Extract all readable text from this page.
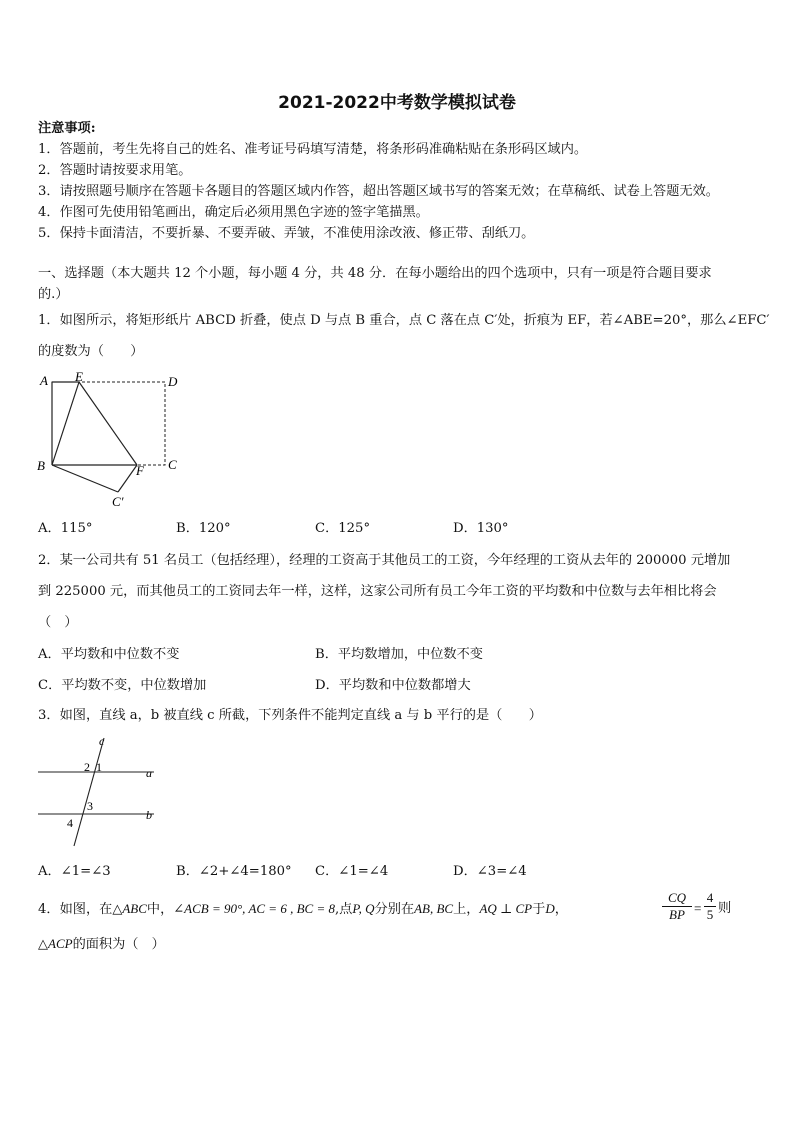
2021-2022中考数学模拟试卷
注意事项:
1．答题前，考生先将自己的姓名、准考证号码填写清楚，将条形码准确粘贴在条形码区域内。
2．答题时请按要求用笔。
3．请按照题号顺序在答题卡各题目的答题区域内作答，超出答题区域书写的答案无效；在草稿纸、试卷上答题无效。
4．作图可先使用铅笔画出，确定后必须用黑色字迹的签字笔描黑。
5．保持卡面清洁，不要折暴、不要弄破、弄皱，不准使用涂改液、修正带、刮纸刀。
一、选择题（本大题共 12 个小题，每小题 4 分，共 48 分．在每小题给出的四个选项中，只有一项是符合题目要求
的.）
1．如图所示，将矩形纸片 ABCD 折叠，使点 D 与点 B 重合，点 C 落在点 C′处，折痕为 EF，若∠ABE=20°，那么∠EFC′
的度数为（　　）
A E	D
B	F C
C′
A．115°	B．120°	C．125°	D．130°
2．某一公司共有 51 名员工（包括经理），经理的工资高于其他员工的工资，今年经理的工资从去年的 200000 元增加
到 225000 元，而其他员工的工资同去年一样，这样，这家公司所有员工今年工资的平均数和中位数与去年相比将会
（　）
A．平均数和中位数不变	B．平均数增加，中位数不变
C．平均数不变，中位数增加	D．平均数和中位数都增大
3．如图，直线 a，b 被直线 c 所截，下列条件不能判定直线 a 与 b 平行的是（　　）
c
a
b
2 1
3
4
A．∠1=∠3	B．∠2+∠4=180° C．∠1=∠4	D．∠3=∠4
4．如图，在△ABC中，∠ACB = 90°, AC = 6 , BC = 8,点P, Q分别在AB, BC上，AQ ⊥ CP于D，	$\frac{CQ}{BP} = \frac{4}{5}$ 则
△ACP的面积为（　）
